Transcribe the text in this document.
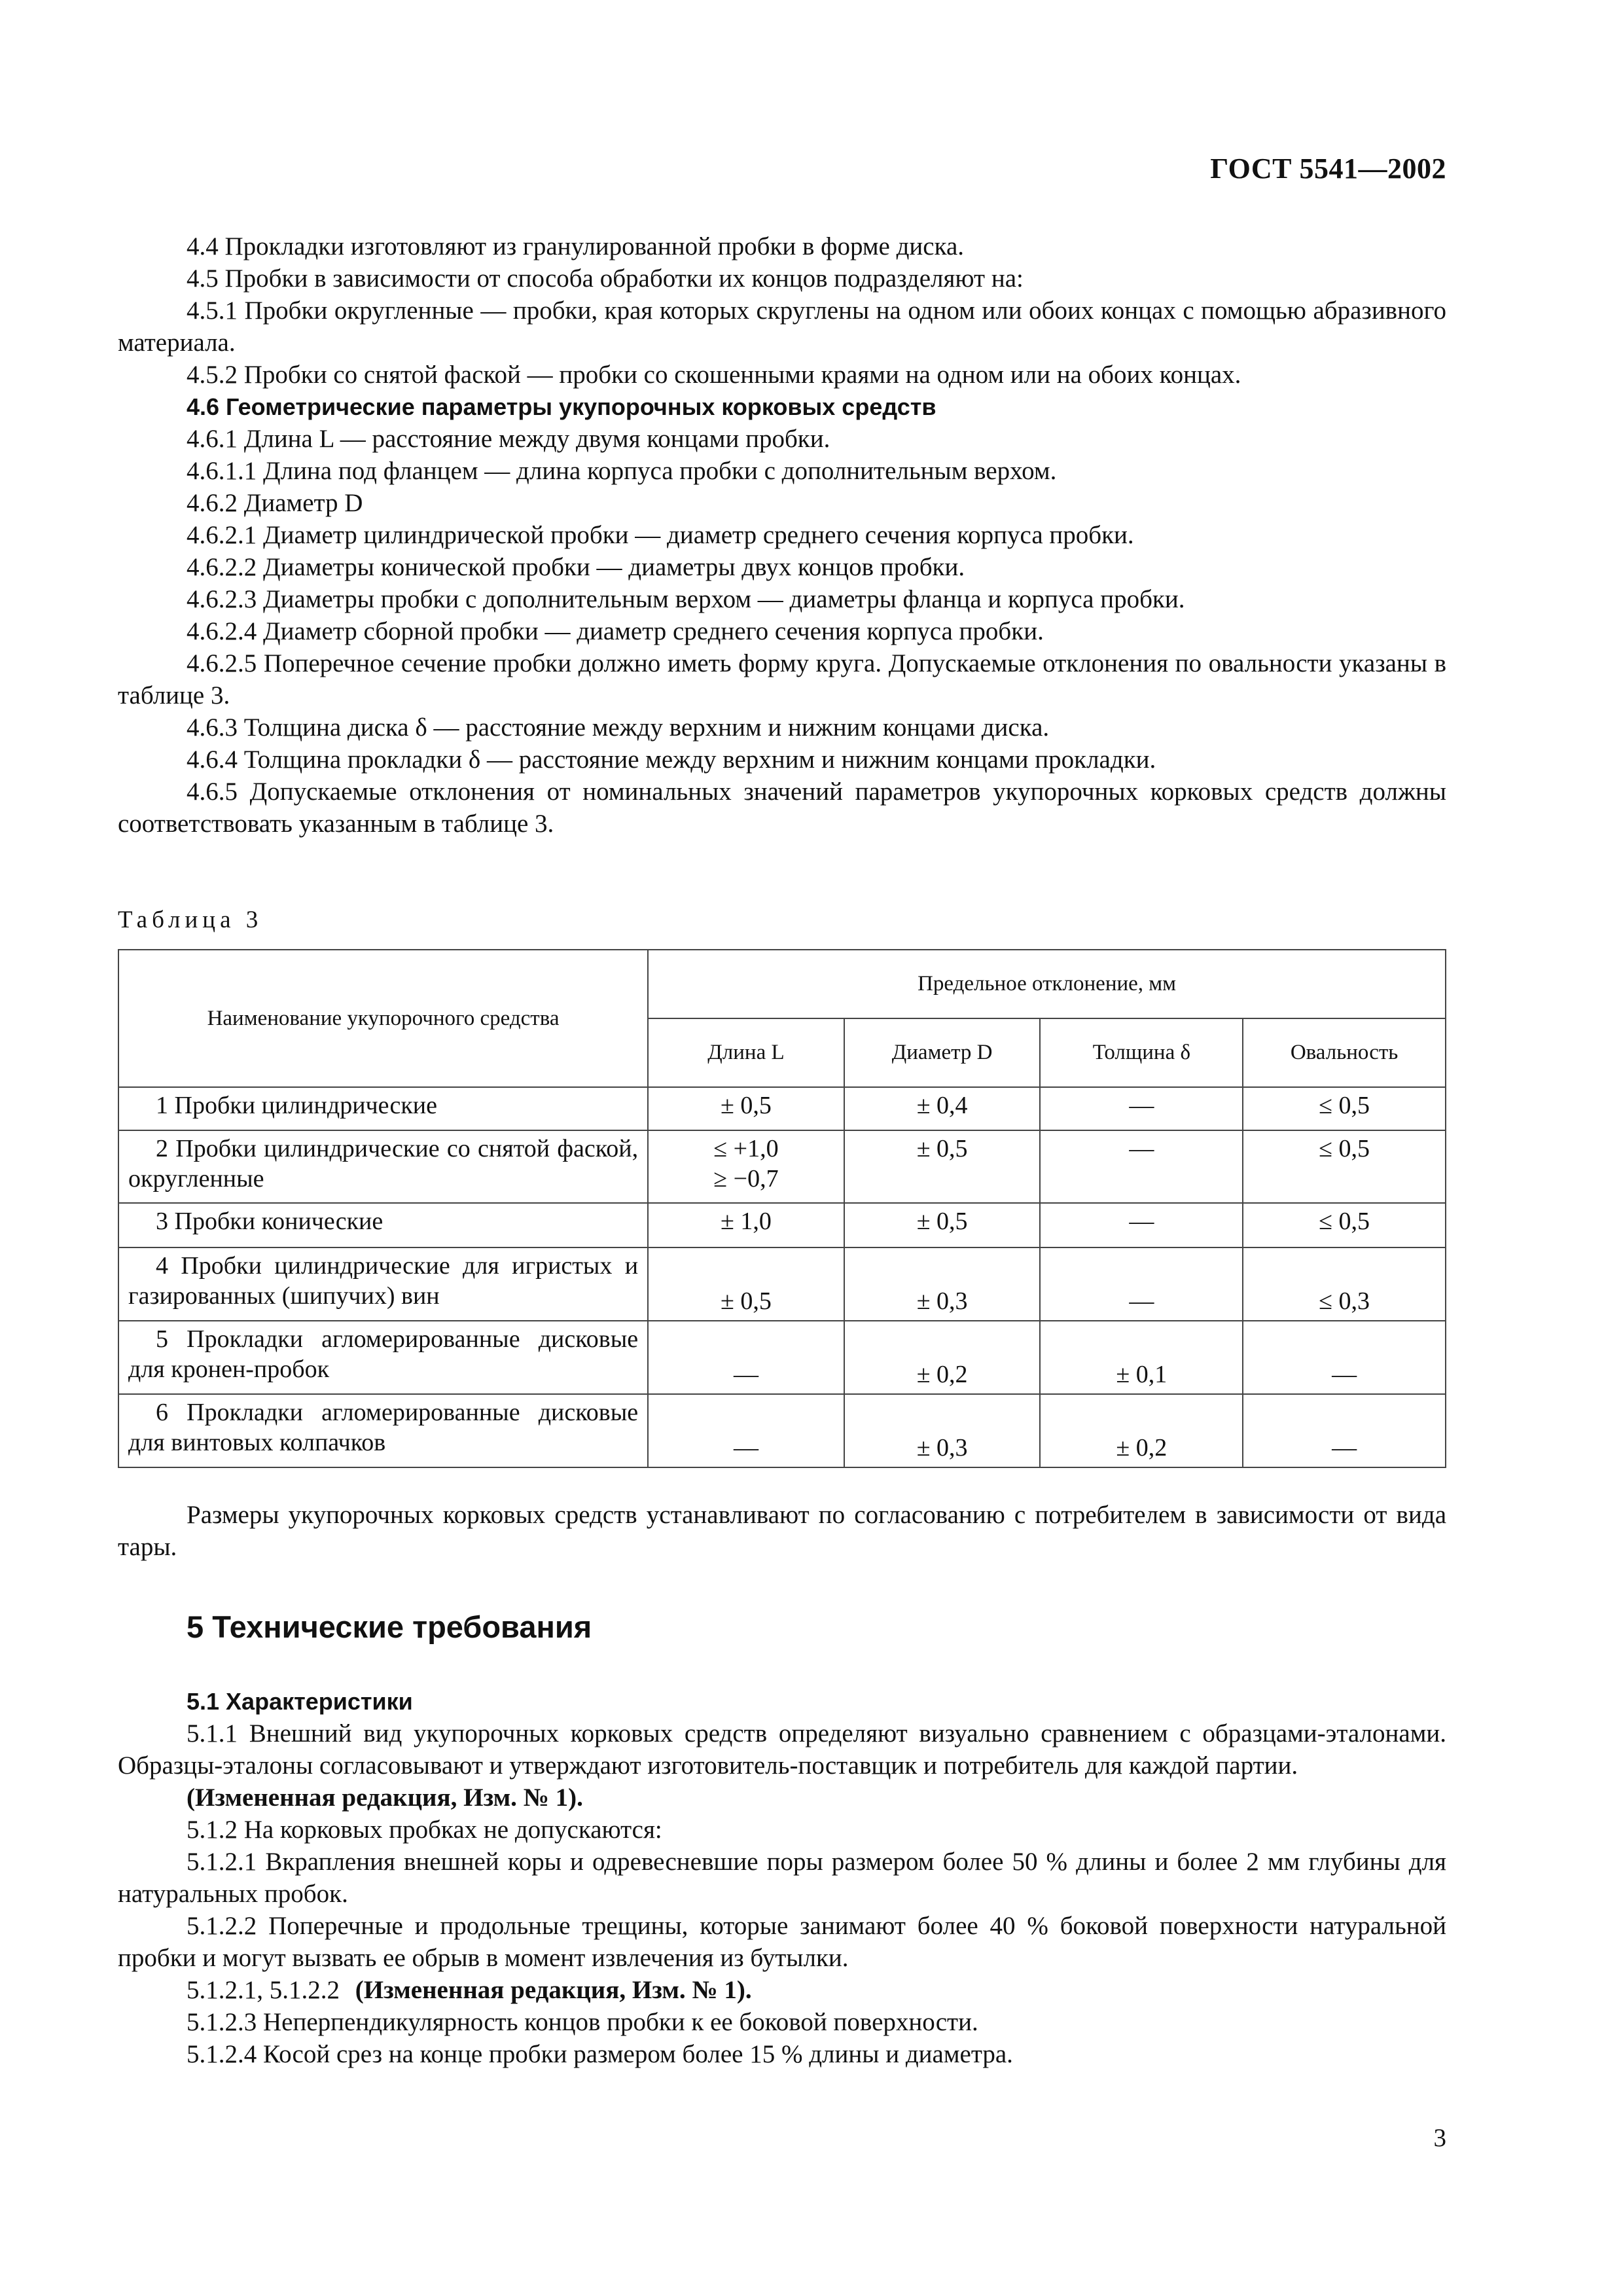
ГОСТ 5541—2002

4.4 Прокладки изготовляют из гранулированной пробки в форме диска.

4.5 Пробки в зависимости от способа обработки их концов подразделяют на:

4.5.1 Пробки округленные — пробки, края которых скруглены на одном или обоих концах с помощью абразивного материала.

4.5.2 Пробки со снятой фаской — пробки со скошенными краями на одном или на обоих концах.

4.6 Геометрические параметры укупорочных корковых средств

4.6.1 Длина L — расстояние между двумя концами пробки.

4.6.1.1 Длина под фланцем — длина корпуса пробки с дополнительным верхом.

4.6.2 Диаметр D

4.6.2.1 Диаметр цилиндрической пробки — диаметр среднего сечения корпуса пробки.

4.6.2.2 Диаметры конической пробки — диаметры двух концов пробки.

4.6.2.3 Диаметры пробки с дополнительным верхом — диаметры фланца и корпуса пробки.

4.6.2.4 Диаметр сборной пробки — диаметр среднего сечения корпуса пробки.

4.6.2.5 Поперечное сечение пробки должно иметь форму круга. Допускаемые отклонения по овальности указаны в таблице 3.

4.6.3 Толщина диска δ — расстояние между верхним и нижним концами диска.

4.6.4 Толщина прокладки δ — расстояние между верхним и нижним концами прокладки.

4.6.5 Допускаемые отклонения от номинальных значений параметров укупорочных корковых средств должны соответствовать указанным в таблице 3.

Таблица 3
Наименование укупорочного средства	Предельное отклонение, мм			
	Длина L	Диаметр D	Толщина δ	Овальность
1 Пробки цилиндрические	± 0,5	± 0,4	—	≤ 0,5
2 Пробки цилиндрические со снятой фаской, округленные	≤ +1,0
≥ −0,7	± 0,5	—	≤ 0,5
3 Пробки конические	± 1,0	± 0,5	—	≤ 0,5
4 Пробки цилиндрические для игристых и газированных (шипучих) вин	± 0,5	± 0,3	—	≤ 0,3
5 Прокладки агломерированные дисковые для кронен-пробок	—	± 0,2	± 0,1	—
6 Прокладки агломерированные дисковые для винтовых колпачков	—	± 0,3	± 0,2	—

Размеры укупорочных корковых средств устанавливают по согласованию с потребителем в зависимости от вида тары.

5 Технические требования

5.1 Характеристики

5.1.1 Внешний вид укупорочных корковых средств определяют визуально сравнением с образцами-эталонами. Образцы-эталоны согласовывают и утверждают изготовитель-поставщик и потребитель для каждой партии.

(Измененная редакция, Изм. № 1).

5.1.2 На корковых пробках не допускаются:

5.1.2.1 Вкрапления внешней коры и одревесневшие поры размером более 50 % длины и более 2 мм глубины для натуральных пробок.

5.1.2.2 Поперечные и продольные трещины, которые занимают более 40 % боковой поверхности натуральной пробки и могут вызвать ее обрыв в момент извлечения из бутылки.

5.1.2.1, 5.1.2.2 (Измененная редакция, Изм. № 1).

5.1.2.3 Неперпендикулярность концов пробки к ее боковой поверхности.

5.1.2.4 Косой срез на конце пробки размером более 15 % длины и диаметра.

3
